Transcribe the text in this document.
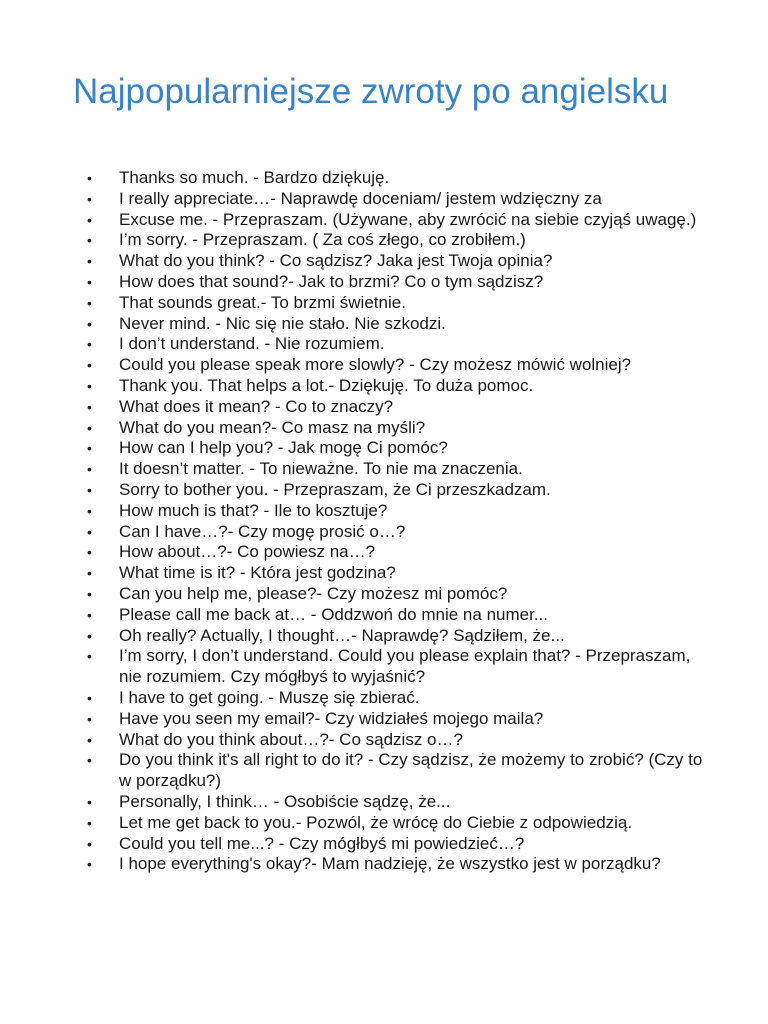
Najpopularniejsze zwroty po angielsku
• Thanks so much. - Bardzo dziękuję.
• I really appreciate…- Naprawdę doceniam/ jestem wdzięczny za
• Excuse me. - Przepraszam. (Używane, aby zwrócić na siebie czyjąś uwagę.)
• I’m sorry. - Przepraszam. ( Za coś złego, co zrobiłem.)
• What do you think? - Co sądzisz? Jaka jest Twoja opinia?
• How does that sound?- Jak to brzmi? Co o tym sądzisz?
• That sounds great.- To brzmi świetnie.
• Never mind. - Nic się nie stało. Nie szkodzi.
• I don’t understand. - Nie rozumiem.
• Could you please speak more slowly? - Czy możesz mówić wolniej?
• Thank you. That helps a lot.- Dziękuję. To duża pomoc.
• What does it mean? - Co to znaczy?
• What do you mean?- Co masz na myśli?
• How can I help you? - Jak mogę Ci pomóc?
• It doesn’t matter. - To nieważne. To nie ma znaczenia.
• Sorry to bother you. - Przepraszam, że Ci przeszkadzam.
• How much is that? - Ile to kosztuje?
• Can I have…?- Czy mogę prosić o…?
• How about…?- Co powiesz na…?
• What time is it? - Która jest godzina?
• Can you help me, please?- Czy możesz mi pomóc?
• Please call me back at… - Oddzwoń do mnie na numer...
• Oh really? Actually, I thought…- Naprawdę? Sądziłem, że...
• I’m sorry, I don’t understand. Could you please explain that? - Przepraszam, nie rozumiem. Czy mógłbyś to wyjaśnić?
• I have to get going. - Muszę się zbierać.
• Have you seen my email?- Czy widziałeś mojego maila?
• What do you think about…?- Co sądzisz o…?
• Do you think it's all right to do it? - Czy sądzisz, że możemy to zrobić? (Czy to w porządku?)
• Personally, I think… - Osobiście sądzę, że...
• Let me get back to you.- Pozwól, że wrócę do Ciebie z odpowiedzią.
• Could you tell me...? - Czy mógłbyś mi powiedzieć…?
• I hope everything's okay?- Mam nadzieję, że wszystko jest w porządku?
